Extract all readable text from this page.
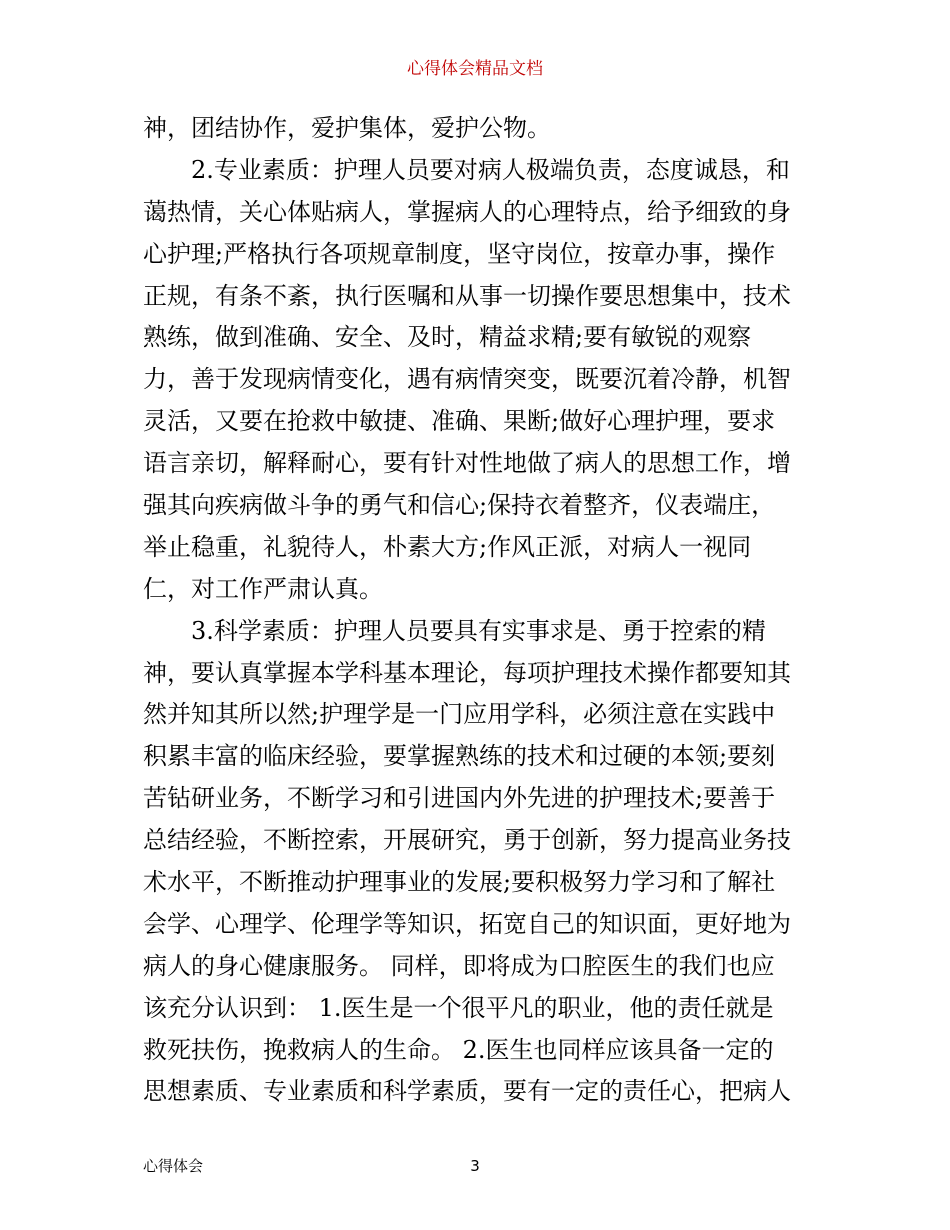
心得体会精品文档
神，团结协作，爱护集体，爱护公物。
　　2.专业素质：护理人员要对病人极端负责，态度诚恳，和
蔼热情，关心体贴病人，掌握病人的心理特点，给予细致的身
心护理;严格执行各项规章制度，坚守岗位，按章办事，操作
正规，有条不紊，执行医嘱和从事一切操作要思想集中，技术
熟练，做到准确、安全、及时，精益求精;要有敏锐的观察
力，善于发现病情变化，遇有病情突变，既要沉着冷静，机智
灵活，又要在抢救中敏捷、准确、果断;做好心理护理，要求
语言亲切，解释耐心，要有针对性地做了病人的思想工作，增
强其向疾病做斗争的勇气和信心;保持衣着整齐，仪表端庄，
举止稳重，礼貌待人，朴素大方;作风正派，对病人一视同
仁，对工作严肃认真。
　　3.科学素质：护理人员要具有实事求是、勇于控索的精
神，要认真掌握本学科基本理论，每项护理技术操作都要知其
然并知其所以然;护理学是一门应用学科，必须注意在实践中
积累丰富的临床经验，要掌握熟练的技术和过硬的本领;要刻
苦钻研业务，不断学习和引进国内外先进的护理技术;要善于
总结经验，不断控索，开展研究，勇于创新，努力提高业务技
术水平，不断推动护理事业的发展;要积极努力学习和了解社
会学、心理学、伦理学等知识，拓宽自己的知识面，更好地为
病人的身心健康服务。 同样，即将成为口腔医生的我们也应
该充分认识到： 1.医生是一个很平凡的职业，他的责任就是
救死扶伤，挽救病人的生命。 2.医生也同样应该具备一定的
思想素质、专业素质和科学素质，要有一定的责任心，把病人
心得体会	3
